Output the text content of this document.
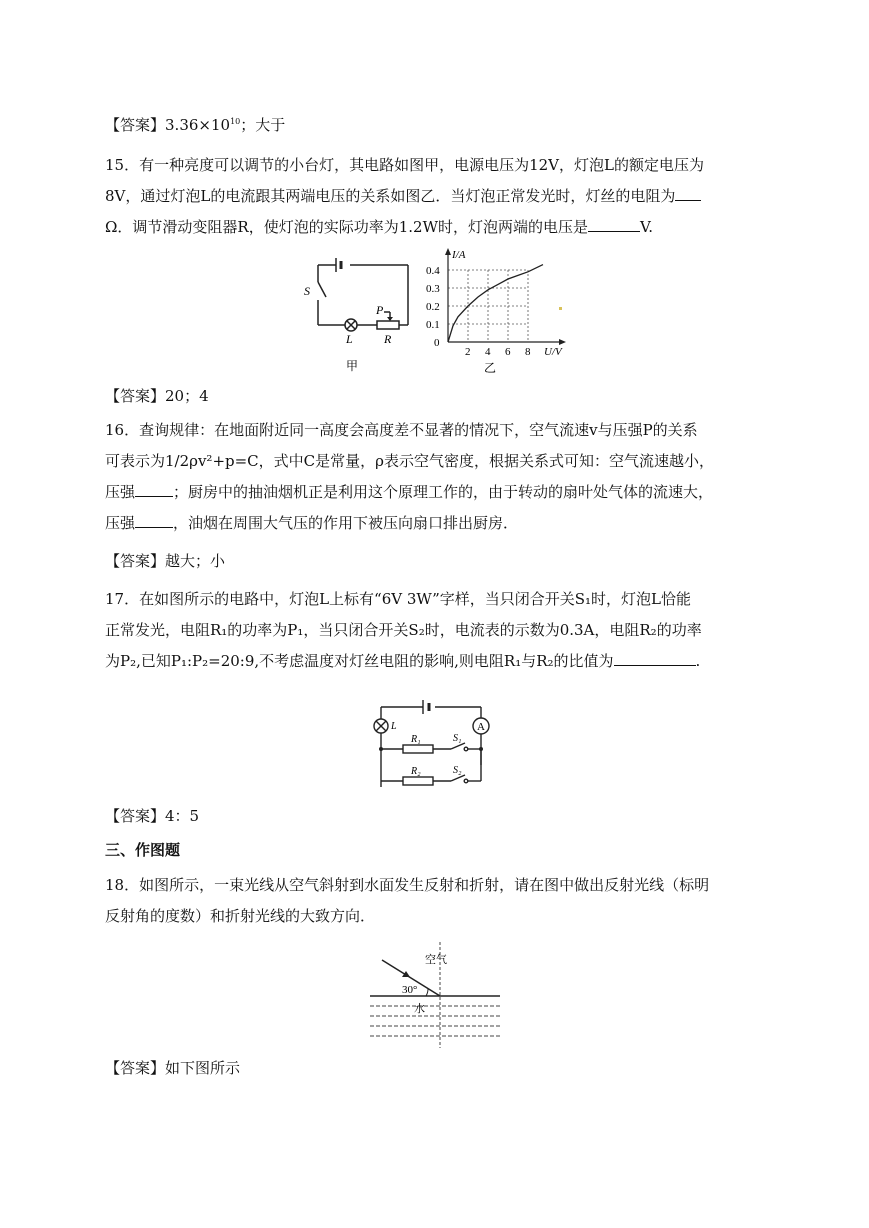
【答案】$3.36\times 10^{10}$；大于
15．有一种亮度可以调节的小台灯，其电路如图甲，电源电压为12V，灯泡L的额定电压为
8V，通过灯泡L的电流跟其两端电压的关系如图乙．当灯泡正常发光时，灯丝的电阻为
Ω．调节滑动变阻器R，使灯泡的实际功率为1.2W时，灯泡两端的电压是	V.
S
L	R
P
甲
2 4 6 8
0.1
0.2
0.3
0.4
U/V
I/A
0
乙
【答案】20；4
16．查询规律：在地面附近同一高度会高度差不显著的情况下，空气流速v与压强P的关系
可表示为1/2ρv²+p=C，式中C是常量，ρ表示空气密度，根据关系式可知：空气流速越小，
压强	；厨房中的抽油烟机正是利用这个原理工作的，由于转动的扇叶处气体的流速大，
压强	，油烟在周围大气压的作用下被压向扇口排出厨房．
【答案】越大；小
17．在如图所示的电路中，灯泡L上标有“6V 3W”字样，当只闭合开关S₁时，灯泡L恰能
正常发光，电阻R₁的功率为P₁，当只闭合开关S₂时，电流表的示数为0.3A，电阻R₂的功率
为P₂,已知P₁:P₂=20:9,不考虑温度对灯丝电阻的影响,则电阻R₁与R₂的比值为	.
L	A
R₁
R₂
S₁
S₂
【答案】4：5
三、作图题
18．如图所示，一束光线从空气斜射到水面发生反射和折射，请在图中做出反射光线（标明
反射角的度数）和折射光线的大致方向．
空气
30°
水
【答案】如下图所示
